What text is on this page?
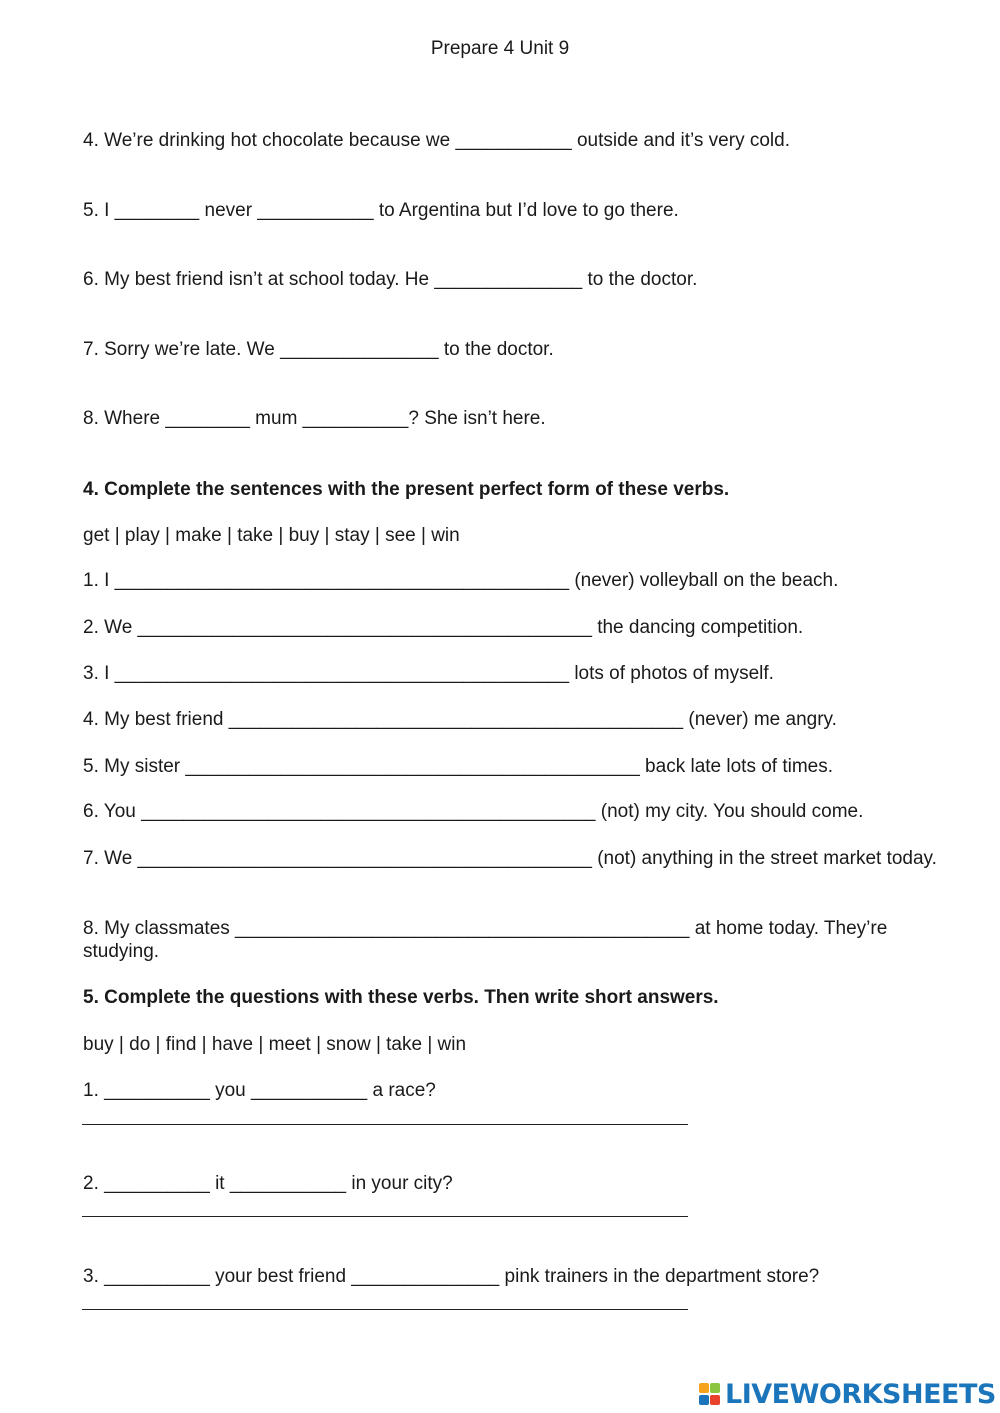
Prepare 4 Unit 9
4. We’re drinking hot chocolate because we ___________ outside and it’s very cold.
5. I ________ never ___________ to Argentina but I’d love to go there.
6. My best friend isn’t at school today. He ______________ to the doctor.
7. Sorry we’re late. We _______________ to the doctor.
8. Where ________ mum __________? She isn’t here.
4. Complete the sentences with the present perfect form of these verbs.
get | play | make | take | buy | stay | see | win
1. I ___________________________________________ (never) volleyball on the beach.
2. We ___________________________________________ the dancing competition.
3. I ___________________________________________ lots of photos of myself.
4. My best friend ___________________________________________ (never) me angry.
5. My sister ___________________________________________ back late lots of times.
6. You ___________________________________________ (not) my city. You should come.
7. We ___________________________________________ (not) anything in the street market today.
8. My classmates ___________________________________________ at home today. They’re studying.
5. Complete the questions with these verbs. Then write short answers.
buy | do | find | have | meet | snow | take | win
1. __________ you ___________ a race?
2. __________ it ___________ in your city?
3. __________ your best friend ______________ pink trainers in the department store?
LIVEWORKSHEETS
